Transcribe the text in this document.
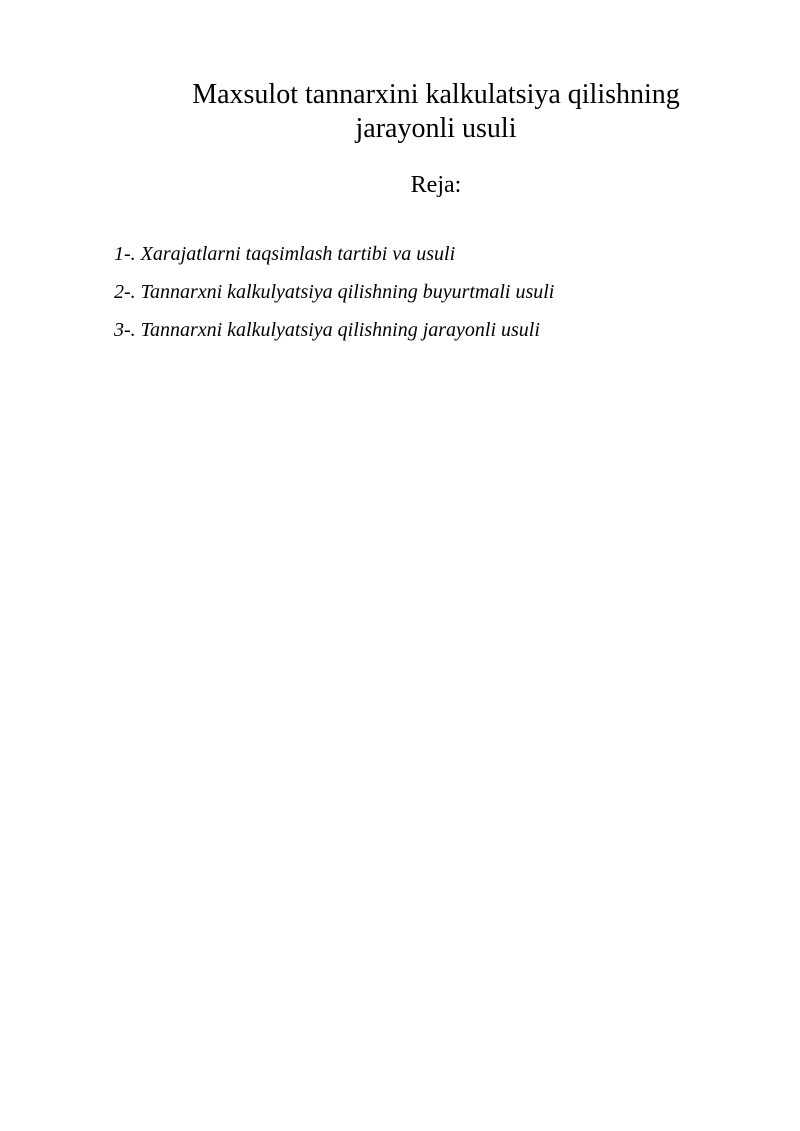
Maxsulot tannarxini kalkulatsiya qilishning
jarayonli usuli
Reja:
1-. Xarajatlarni taqsimlash tartibi va usuli
2-. Tannarxni kalkulyatsiya qilishning buyurtmali usuli
3-. Tannarxni kalkulyatsiya qilishning jarayonli usuli
